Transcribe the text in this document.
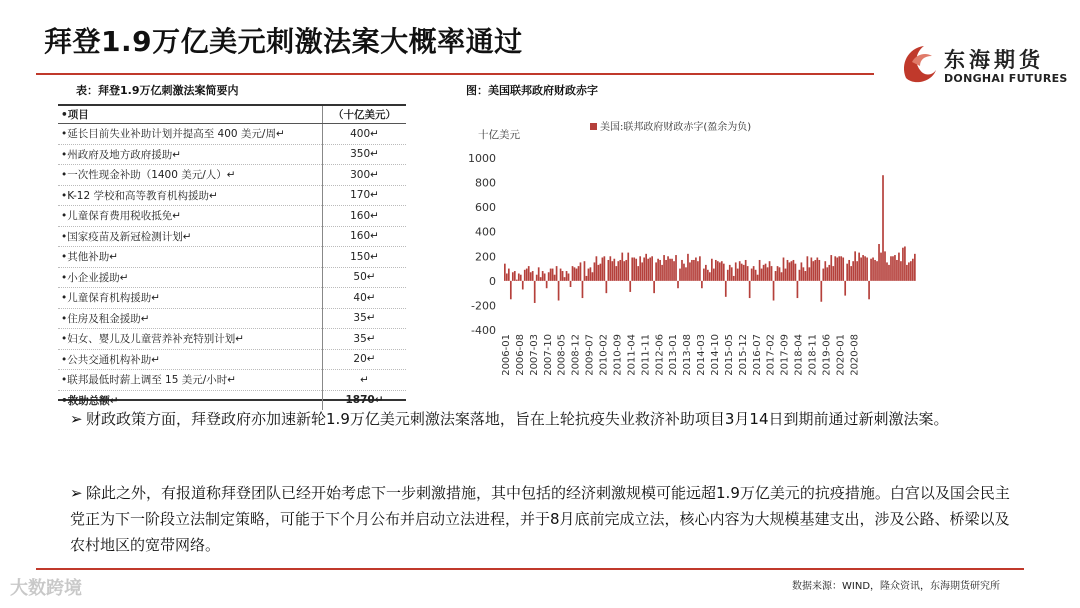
拜登1.9万亿美元刺激法案大概率通过
东海期货
DONGHAI FUTURES
表：拜登1.9万亿刺激法案简要内
•项目	（十亿美元）
•延长目前失业补助计划并提高至 400 美元/周↵	400↵
•州政府及地方政府援助↵	350↵
•一次性现金补助（1400 美元/人）↵	300↵
•K-12 学校和高等教育机构援助↵	170↵
•儿童保育费用税收抵免↵	160↵
•国家疫苗及新冠检测计划↵	160↵
•其他补助↵	150↵
•小企业援助↵	50↵
•儿童保育机构援助↵	40↵
•住房及租金援助↵	35↵
•妇女、婴儿及儿童营养补充特别计划↵	35↵
•公共交通机构补助↵	20↵
•联邦最低时薪上调至 15 美元/小时↵	↵
•救助总额↵	1870↵
图：美国联邦政府财政赤字
十亿美元
美国:联邦政府财政赤字(盈余为负)
1000
800
600
400
200
0
-200
-400
2006-01 2006-08 2007-03 2007-10 2008-05 2008-12 2009-07 2010-02 2010-09 2011-04 2011-11 2012-06 2013-01 2013-08 2014-03 2014-10 2015-05 2015-12 2016-07 2017-02 2017-09 2018-04 2018-11 2019-06 2020-01 2020-08
➢ 财政政策方面，拜登政府亦加速新轮1.9万亿美元刺激法案落地，旨在上轮抗疫失业救济补助项目3月14日到期前通过新刺激法案。
➢ 除此之外，有报道称拜登团队已经开始考虑下一步刺激措施，其中包括的经济刺激规模可能远超1.9万亿美元的抗疫措施。白宫以及国会民主党正为下一阶段立法制定策略，可能于下个月公布并启动立法进程，并于8月底前完成立法，核心内容为大规模基建支出，涉及公路、桥梁以及农村地区的宽带网络。
大数跨境	数据来源：WIND，隆众资讯，东海期货研究所
